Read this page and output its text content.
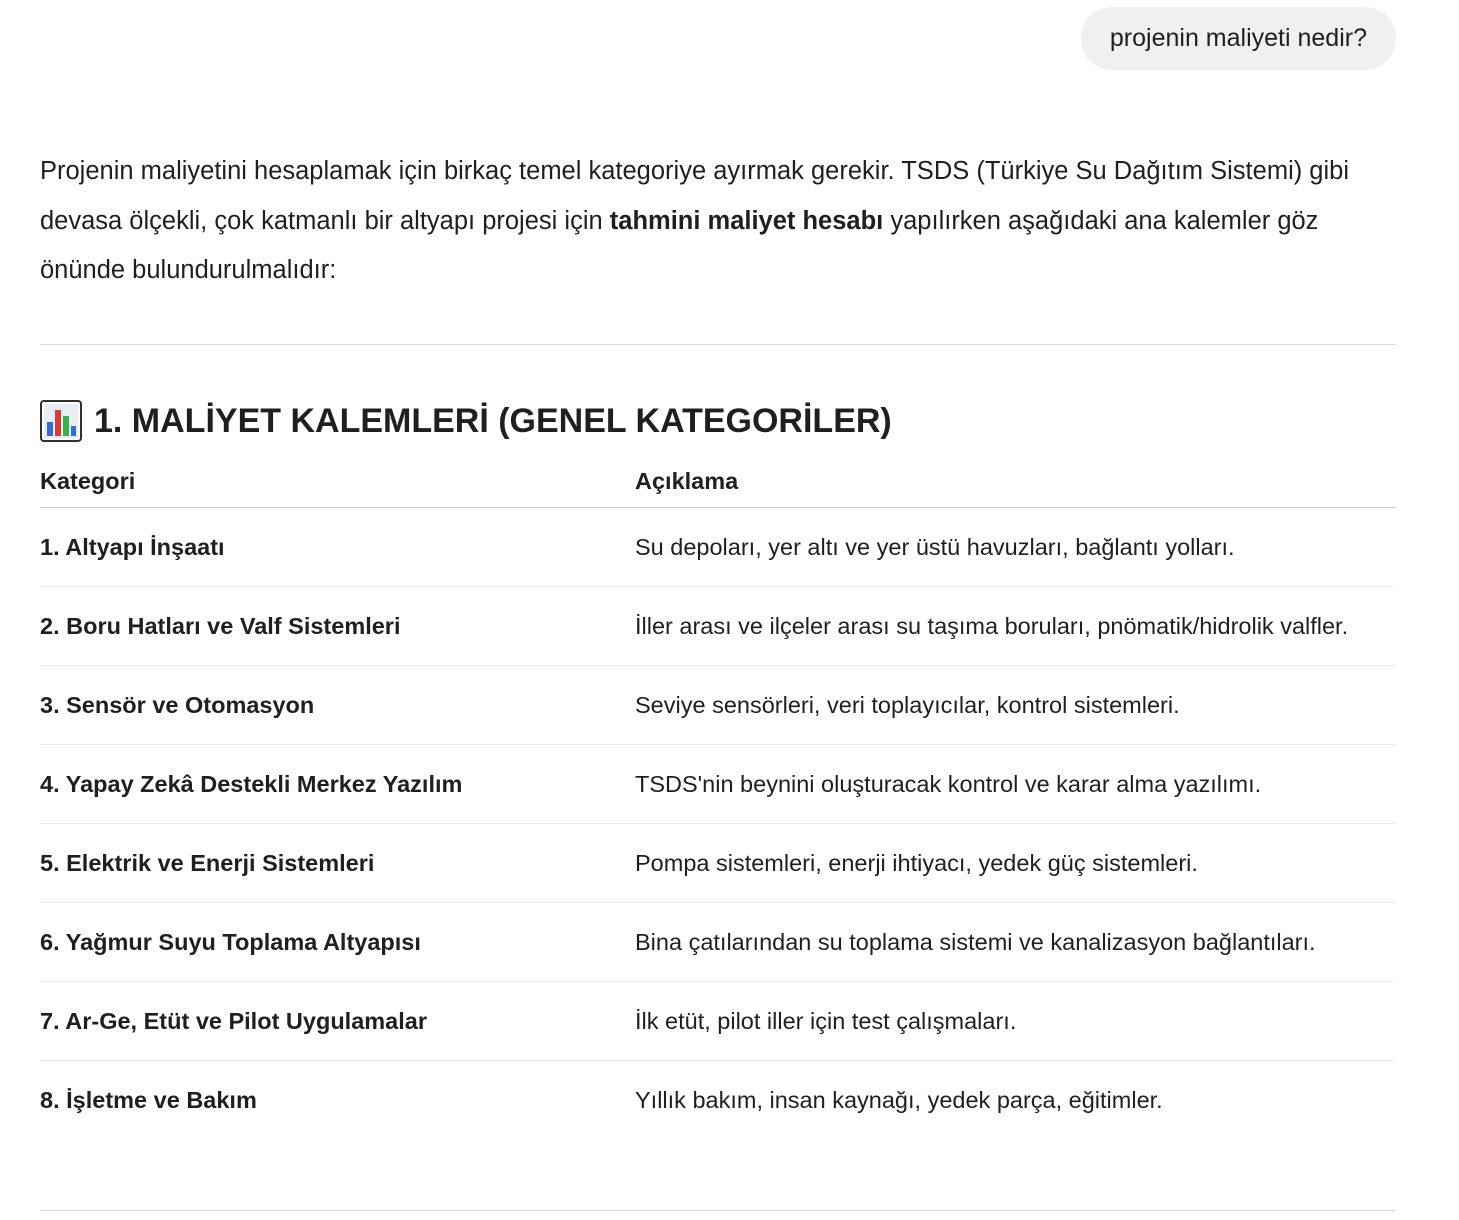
projenin maliyeti nedir?

Projenin maliyetini hesaplamak için birkaç temel kategoriye ayırmak gerekir. TSDS (Türkiye Su Dağıtım Sistemi) gibi devasa ölçekli, çok katmanlı bir altyapı projesi için tahmini maliyet hesabı yapılırken aşağıdaki ana kalemler göz önünde bulundurulmalıdır:

1. MALİYET KALEMLERİ (GENEL KATEGORİLER)
Kategori	Açıklama
1. Altyapı İnşaatı	Su depoları, yer altı ve yer üstü havuzları, bağlantı yolları.
2. Boru Hatları ve Valf Sistemleri	İller arası ve ilçeler arası su taşıma boruları, pnömatik/hidrolik valfler.
3. Sensör ve Otomasyon	Seviye sensörleri, veri toplayıcılar, kontrol sistemleri.
4. Yapay Zekâ Destekli Merkez Yazılım	TSDS'nin beynini oluşturacak kontrol ve karar alma yazılımı.
5. Elektrik ve Enerji Sistemleri	Pompa sistemleri, enerji ihtiyacı, yedek güç sistemleri.
6. Yağmur Suyu Toplama Altyapısı	Bina çatılarından su toplama sistemi ve kanalizasyon bağlantıları.
7. Ar-Ge, Etüt ve Pilot Uygulamalar	İlk etüt, pilot iller için test çalışmaları.
8. İşletme ve Bakım	Yıllık bakım, insan kaynağı, yedek parça, eğitimler.
